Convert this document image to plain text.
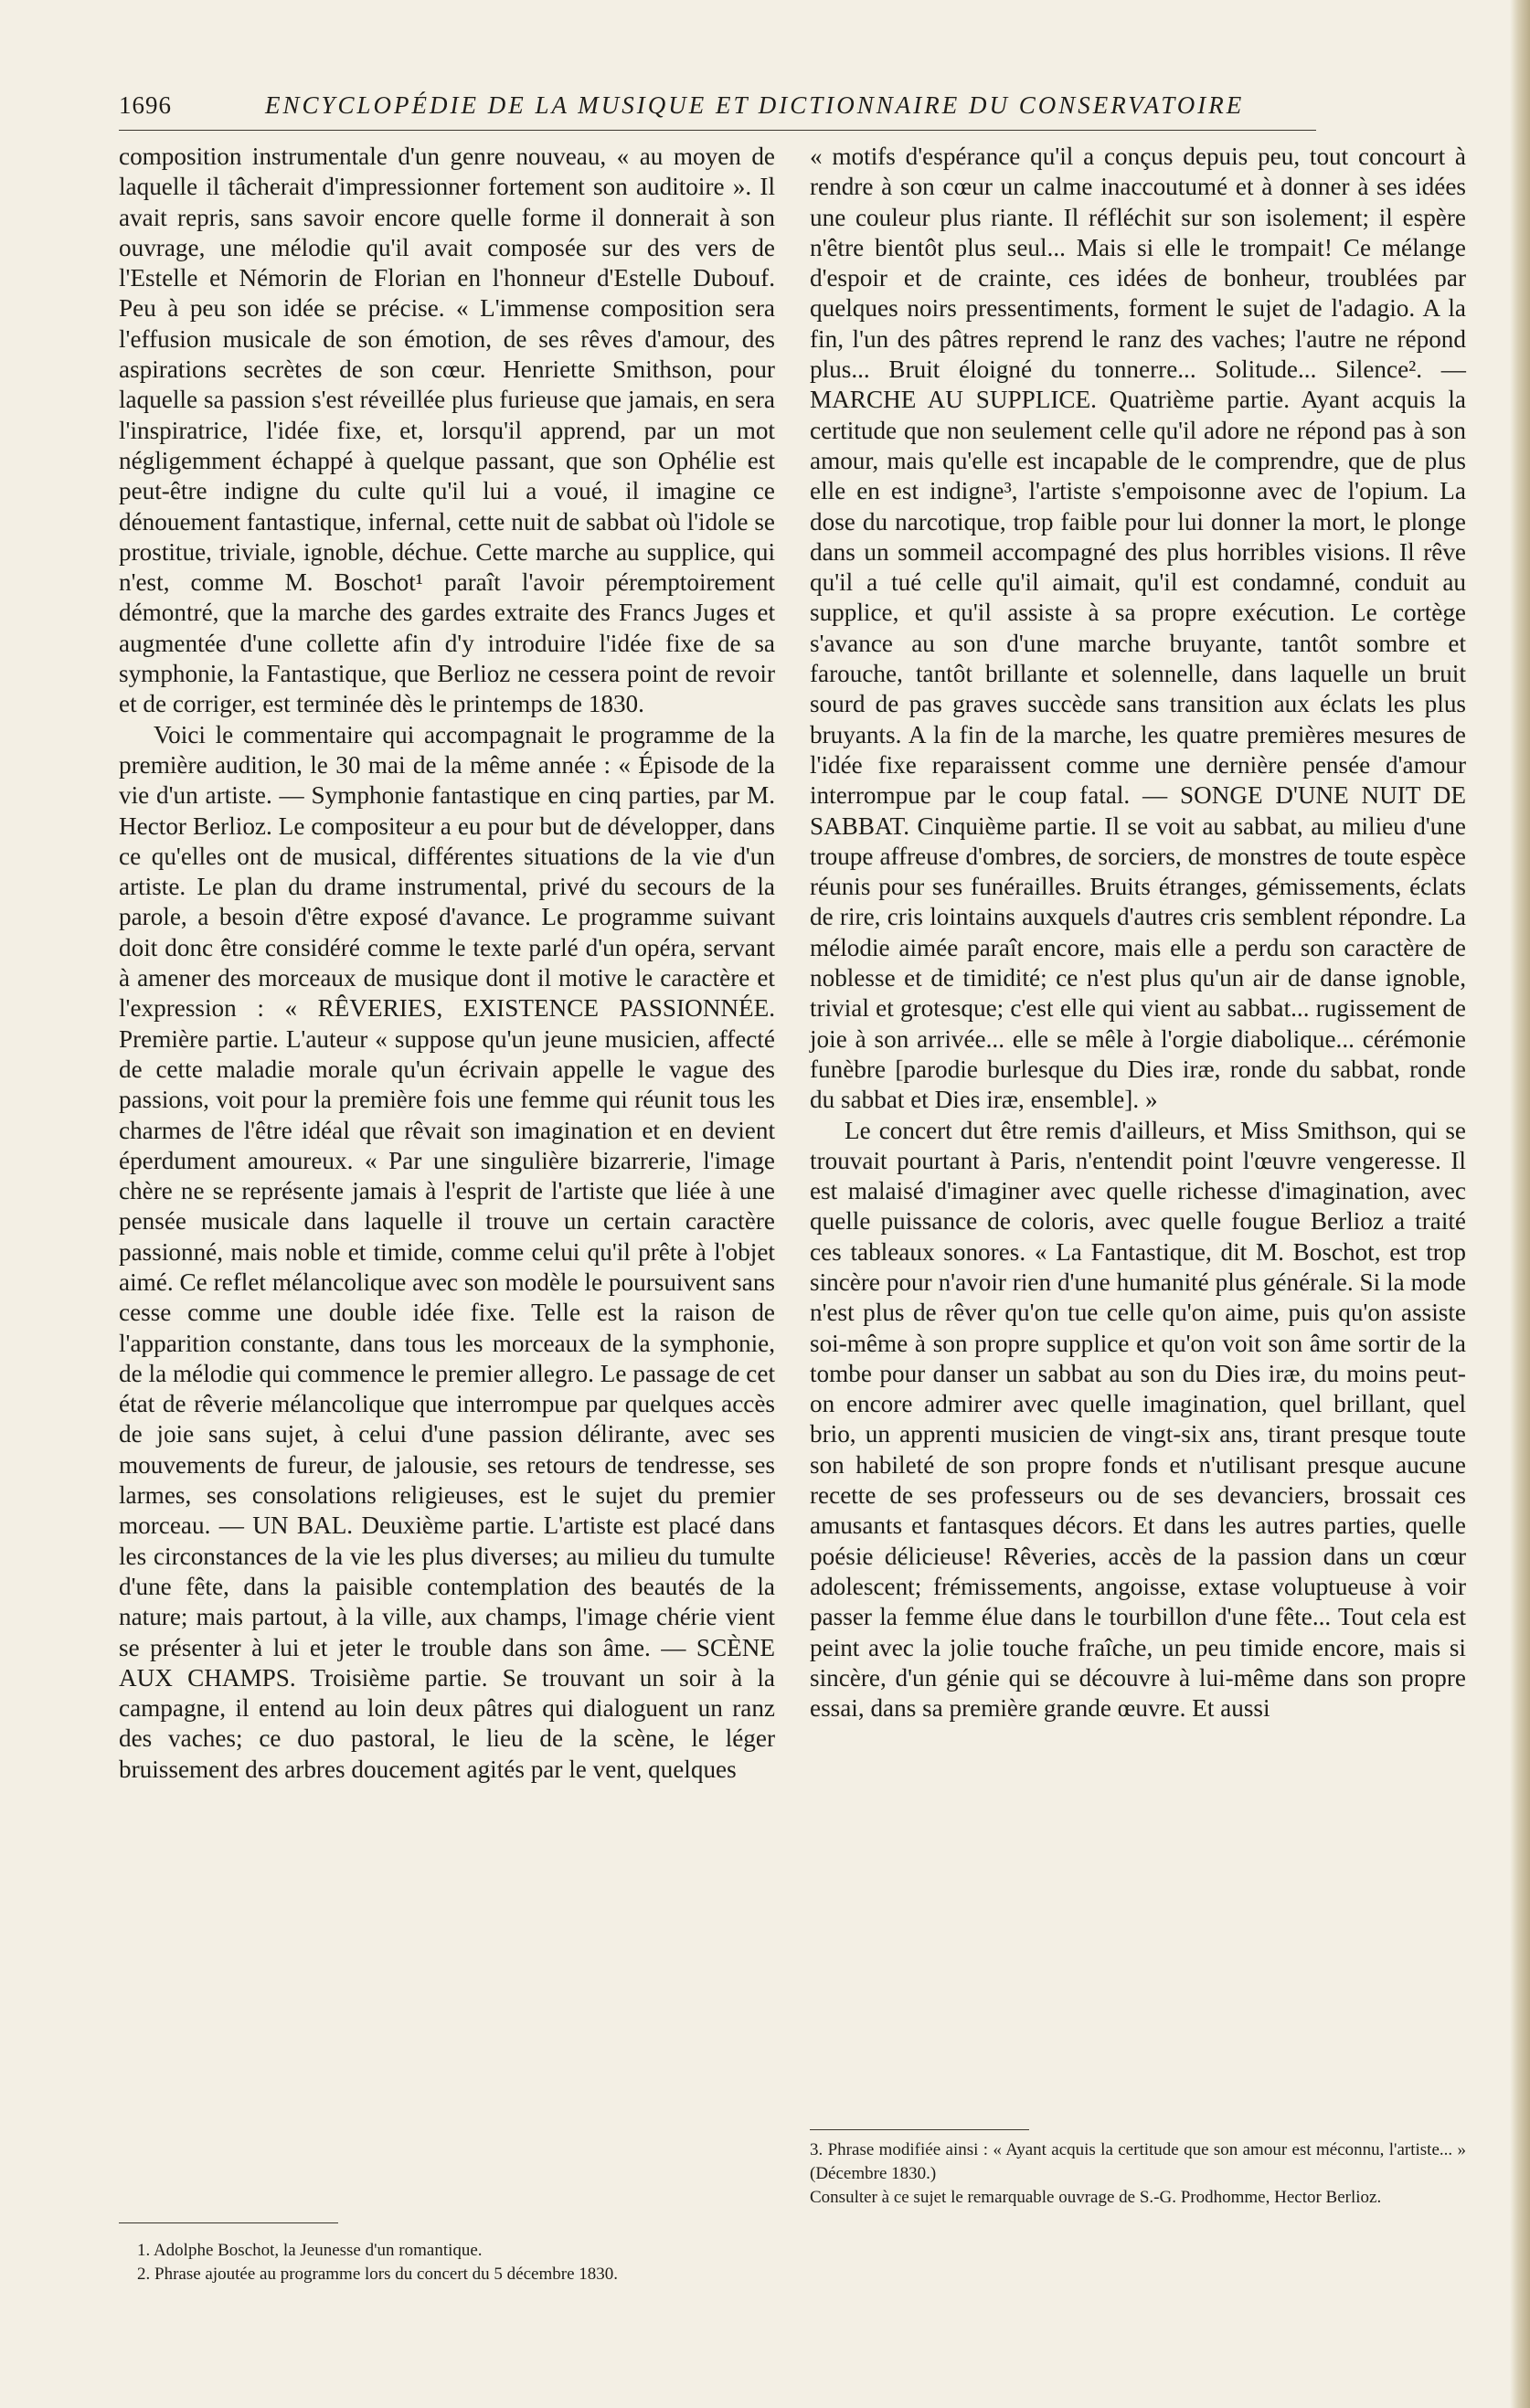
1696	ENCYCLOPÉDIE DE LA MUSIQUE ET DICTIONNAIRE DU CONSERVATOIRE

composition instrumentale d'un genre nouveau, « au moyen de laquelle il tâcherait d'impressionner fortement son auditoire ». Il avait repris, sans savoir encore quelle forme il donnerait à son ouvrage, une mélodie qu'il avait composée sur des vers de l'Estelle et Némorin de Florian en l'honneur d'Estelle Dubouf. Peu à peu son idée se précise. « L'immense composition sera l'effusion musicale de son émotion, de ses rêves d'amour, des aspirations secrètes de son cœur. Henriette Smithson, pour laquelle sa passion s'est réveillée plus furieuse que jamais, en sera l'inspiratrice, l'idée fixe, et, lorsqu'il apprend, par un mot négligemment échappé à quelque passant, que son Ophélie est peut-être indigne du culte qu'il lui a voué, il imagine ce dénouement fantastique, infernal, cette nuit de sabbat où l'idole se prostitue, triviale, ignoble, déchue. Cette marche au supplice, qui n'est, comme M. Boschot¹ paraît l'avoir péremptoirement démontré, que la marche des gardes extraite des Francs Juges et augmentée d'une collette afin d'y introduire l'idée fixe de sa symphonie, la Fantastique, que Berlioz ne cessera point de revoir et de corriger, est terminée dès le printemps de 1830.

Voici le commentaire qui accompagnait le programme de la première audition, le 30 mai de la même année : « Épisode de la vie d'un artiste. — Symphonie fantastique en cinq parties, par M. Hector Berlioz. Le compositeur a eu pour but de développer, dans ce qu'elles ont de musical, différentes situations de la vie d'un artiste. Le plan du drame instrumental, privé du secours de la parole, a besoin d'être exposé d'avance. Le programme suivant doit donc être considéré comme le texte parlé d'un opéra, servant à amener des morceaux de musique dont il motive le caractère et l'expression : « RÊVERIES, EXISTENCE PASSIONNÉE. Première partie. L'auteur « suppose qu'un jeune musicien, affecté de cette maladie morale qu'un écrivain appelle le vague des passions, voit pour la première fois une femme qui réunit tous les charmes de l'être idéal que rêvait son imagination et en devient éperdument amoureux. « Par une singulière bizarrerie, l'image chère ne se représente jamais à l'esprit de l'artiste que liée à une pensée musicale dans laquelle il trouve un certain caractère passionné, mais noble et timide, comme celui qu'il prête à l'objet aimé. Ce reflet mélancolique avec son modèle le poursuivent sans cesse comme une double idée fixe. Telle est la raison de l'apparition constante, dans tous les morceaux de la symphonie, de la mélodie qui commence le premier allegro. Le passage de cet état de rêverie mélancolique que interrompue par quelques accès de joie sans sujet, à celui d'une passion délirante, avec ses mouvements de fureur, de jalousie, ses retours de tendresse, ses larmes, ses consolations religieuses, est le sujet du premier morceau. — UN BAL. Deuxième partie. L'artiste est placé dans les circonstances de la vie les plus diverses; au milieu du tumulte d'une fête, dans la paisible contemplation des beautés de la nature; mais partout, à la ville, aux champs, l'image chérie vient se présenter à lui et jeter le trouble dans son âme. — SCÈNE AUX CHAMPS. Troisième partie. Se trouvant un soir à la campagne, il entend au loin deux pâtres qui dialoguent un ranz des vaches; ce duo pastoral, le lieu de la scène, le léger bruissement des arbres doucement agités par le vent, quelques

« motifs d'espérance qu'il a conçus depuis peu, tout concourt à rendre à son cœur un calme inaccoutumé et à donner à ses idées une couleur plus riante. Il réfléchit sur son isolement; il espère n'être bientôt plus seul... Mais si elle le trompait! Ce mélange d'espoir et de crainte, ces idées de bonheur, troublées par quelques noirs pressentiments, forment le sujet de l'adagio. A la fin, l'un des pâtres reprend le ranz des vaches; l'autre ne répond plus... Bruit éloigné du tonnerre... Solitude... Silence². — MARCHE AU SUPPLICE. Quatrième partie. Ayant acquis la certitude que non seulement celle qu'il adore ne répond pas à son amour, mais qu'elle est incapable de le comprendre, que de plus elle en est indigne³, l'artiste s'empoisonne avec de l'opium. La dose du narcotique, trop faible pour lui donner la mort, le plonge dans un sommeil accompagné des plus horribles visions. Il rêve qu'il a tué celle qu'il aimait, qu'il est condamné, conduit au supplice, et qu'il assiste à sa propre exécution. Le cortège s'avance au son d'une marche bruyante, tantôt sombre et farouche, tantôt brillante et solennelle, dans laquelle un bruit sourd de pas graves succède sans transition aux éclats les plus bruyants. A la fin de la marche, les quatre premières mesures de l'idée fixe reparaissent comme une dernière pensée d'amour interrompue par le coup fatal. — SONGE D'UNE NUIT DE SABBAT. Cinquième partie. Il se voit au sabbat, au milieu d'une troupe affreuse d'ombres, de sorciers, de monstres de toute espèce réunis pour ses funérailles. Bruits étranges, gémissements, éclats de rire, cris lointains auxquels d'autres cris semblent répondre. La mélodie aimée paraît encore, mais elle a perdu son caractère de noblesse et de timidité; ce n'est plus qu'un air de danse ignoble, trivial et grotesque; c'est elle qui vient au sabbat... rugissement de joie à son arrivée... elle se mêle à l'orgie diabolique... cérémonie funèbre [parodie burlesque du Dies iræ, ronde du sabbat, ronde du sabbat et Dies iræ, ensemble]. »

Le concert dut être remis d'ailleurs, et Miss Smithson, qui se trouvait pourtant à Paris, n'entendit point l'œuvre vengeresse. Il est malaisé d'imaginer avec quelle richesse d'imagination, avec quelle puissance de coloris, avec quelle fougue Berlioz a traité ces tableaux sonores. « La Fantastique, dit M. Boschot, est trop sincère pour n'avoir rien d'une humanité plus générale. Si la mode n'est plus de rêver qu'on tue celle qu'on aime, puis qu'on assiste soi-même à son propre supplice et qu'on voit son âme sortir de la tombe pour danser un sabbat au son du Dies iræ, du moins peut-on encore admirer avec quelle imagination, quel brillant, quel brio, un apprenti musicien de vingt-six ans, tirant presque toute son habileté de son propre fonds et n'utilisant presque aucune recette de ses professeurs ou de ses devanciers, brossait ces amusants et fantasques décors. Et dans les autres parties, quelle poésie délicieuse! Rêveries, accès de la passion dans un cœur adolescent; frémissements, angoisse, extase voluptueuse à voir passer la femme élue dans le tourbillon d'une fête... Tout cela est peint avec la jolie touche fraîche, un peu timide encore, mais si sincère, d'un génie qui se découvre à lui-même dans son propre essai, dans sa première grande œuvre. Et aussi

1. Adolphe Boschot, la Jeunesse d'un romantique.

2. Phrase ajoutée au programme lors du concert du 5 décembre 1830.

3. Phrase modifiée ainsi : « Ayant acquis la certitude que son amour est méconnu, l'artiste... » (Décembre 1830.)

Consulter à ce sujet le remarquable ouvrage de S.-G. Prodhomme, Hector Berlioz.
